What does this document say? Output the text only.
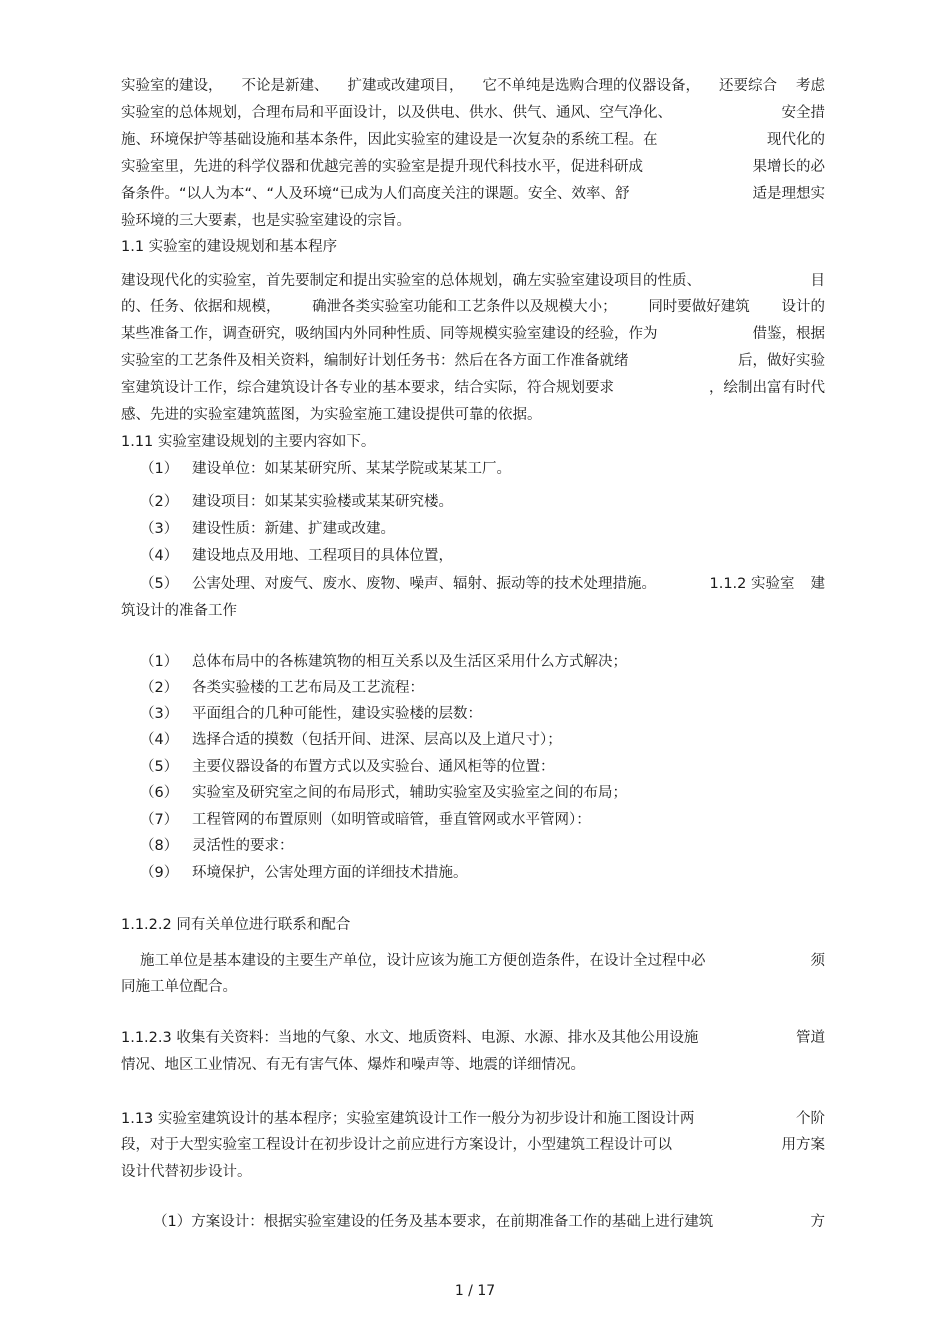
实验室的建设， 不论是新建、 扩建或改建项目， 它不单纯是选购合理的仪器设备， 还要综合 考虑
实验室的总体规划，合理布局和平面设计，以及供电、供水、供气、通风、空气净化、	安全措
施、环境保护等基础设施和基本条件，因此实验室的建设是一次复杂的系统工程。在	现代化的
实验室里，先进的科学仪器和优越完善的实验室是提升现代科技水平，促进科研成	果增长的必
备条件。“以人为本“、“人及环境“已成为人们高度关注的课题。安全、效率、舒	适是理想实
验环境的三大要素，也是实验室建设的宗旨。
1.1 实验室的建设规划和基本程序
建设现代化的实验室，首先要制定和提出实验室的总体规划，确左实验室建设项目的性质、	目
的、任务、依据和规模， 确泄各类实验室功能和工艺条件以及规模大小； 同时要做好建筑 设计的
某些准备工作，调查研究，吸纳国内外同种性质、同等规模实验室建设的经验，作为	借鉴，根据
实验室的工艺条件及相关资料，编制好计划任务书：然后在各方面工作准备就绪	后，做好实验
室建筑设计工作，综合建筑设计各专业的基本要求，结合实际，符合规划要求	，绘制出富有时代
感、先进的实验室建筑蓝图，为实验室施工建设提供可靠的依据。
1.11 实验室建设规划的主要内容如下。
（1） 建设单位：如某某研究所、某某学院或某某工厂。
（2） 建设项目：如某某实验楼或某某研究楼。
（3） 建设性质：新建、扩建或改建。
（4） 建设地点及用地、工程项目的具体位置，
（5） 公害处理、对废气、废水、废物、噪声、辐射、振动等的技术处理措施。	1.1.2 实验室 建
筑设计的准备工作
（1） 总体布局中的各栋建筑物的相互关系以及生活区采用什么方式解决；
（2） 各类实验楼的工艺布局及工艺流程：
（3） 平面组合的几种可能性，建设实验楼的层数：
（4） 选择合适的摸数（包括开间、进深、层高以及上道尺寸）；
（5） 主要仪器设备的布置方式以及实验台、通风柜等的位置：
（6） 实验室及研究室之间的布局形式，辅助实验室及实验室之间的布局；
（7） 工程管网的布置原则（如明管或暗管，垂直管网或水平管网）：
（8） 灵活性的要求：
（9） 环境保护，公害处理方面的详细技术措施。
1.1.2.2 同有关单位进行联系和配合
施工单位是基本建设的主要生产单位，设计应该为施工方便创造条件，在设计全过程中必	须
同施工单位配合。
1.1.2.3 收集有关资料：当地的气象、水文、地质资料、电源、水源、排水及其他公用设施	管道
情况、地区工业情况、有无有害气体、爆炸和噪声等、地震的详细情况。
1.13 实验室建筑设计的基本程序；实验室建筑设计工作一般分为初步设计和施工图设计两	个阶
段，对于大型实验室工程设计在初步设计之前应进行方案设计，小型建筑工程设计可以	用方案
设计代替初步设计。
（1）方案设计：根据实验室建设的任务及基本要求，在前期准备工作的基础上进行建筑	方
1 / 17
